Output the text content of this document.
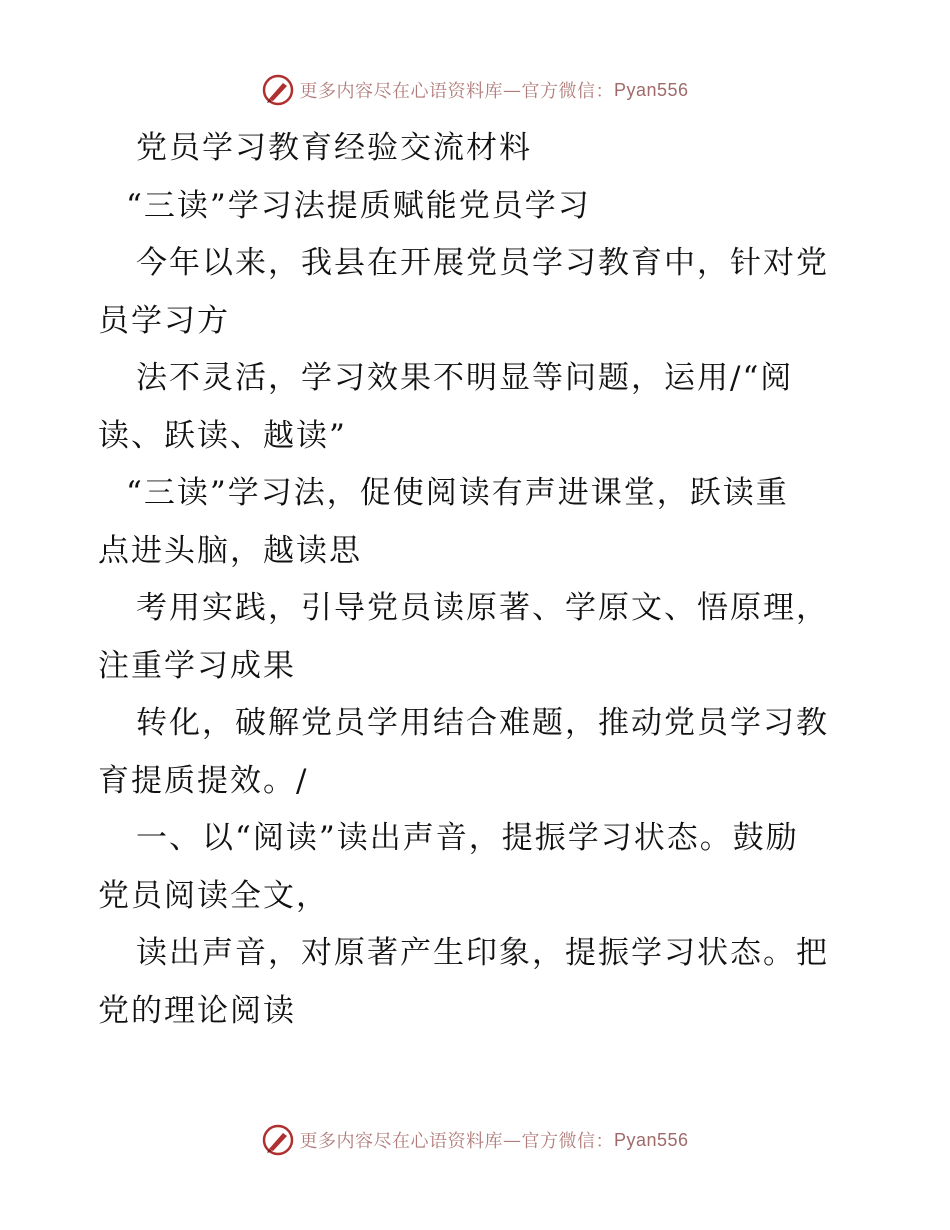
更多内容尽在心语资料库 — 官方微信： Pyan556
党员学习教育经验交流材料
“三读”学习法提质赋能党员学习
今年以来，我县在开展党员学习教育中，针对党
员学习方
法不灵活，学习效果不明显等问题，运用/“阅
读、跃读、越读”
“三读”学习法，促使阅读有声进课堂，跃读重
点进头脑，越读思
考用实践，引导党员读原著、学原文、悟原理，
注重学习成果
转化，破解党员学用结合难题，推动党员学习教
育提质提效。/
一、以“阅读”读出声音，提振学习状态。鼓励
党员阅读全文，
读出声音，对原著产生印象，提振学习状态。把
党的理论阅读
更多内容尽在心语资料库 — 官方微信： Pyan556
